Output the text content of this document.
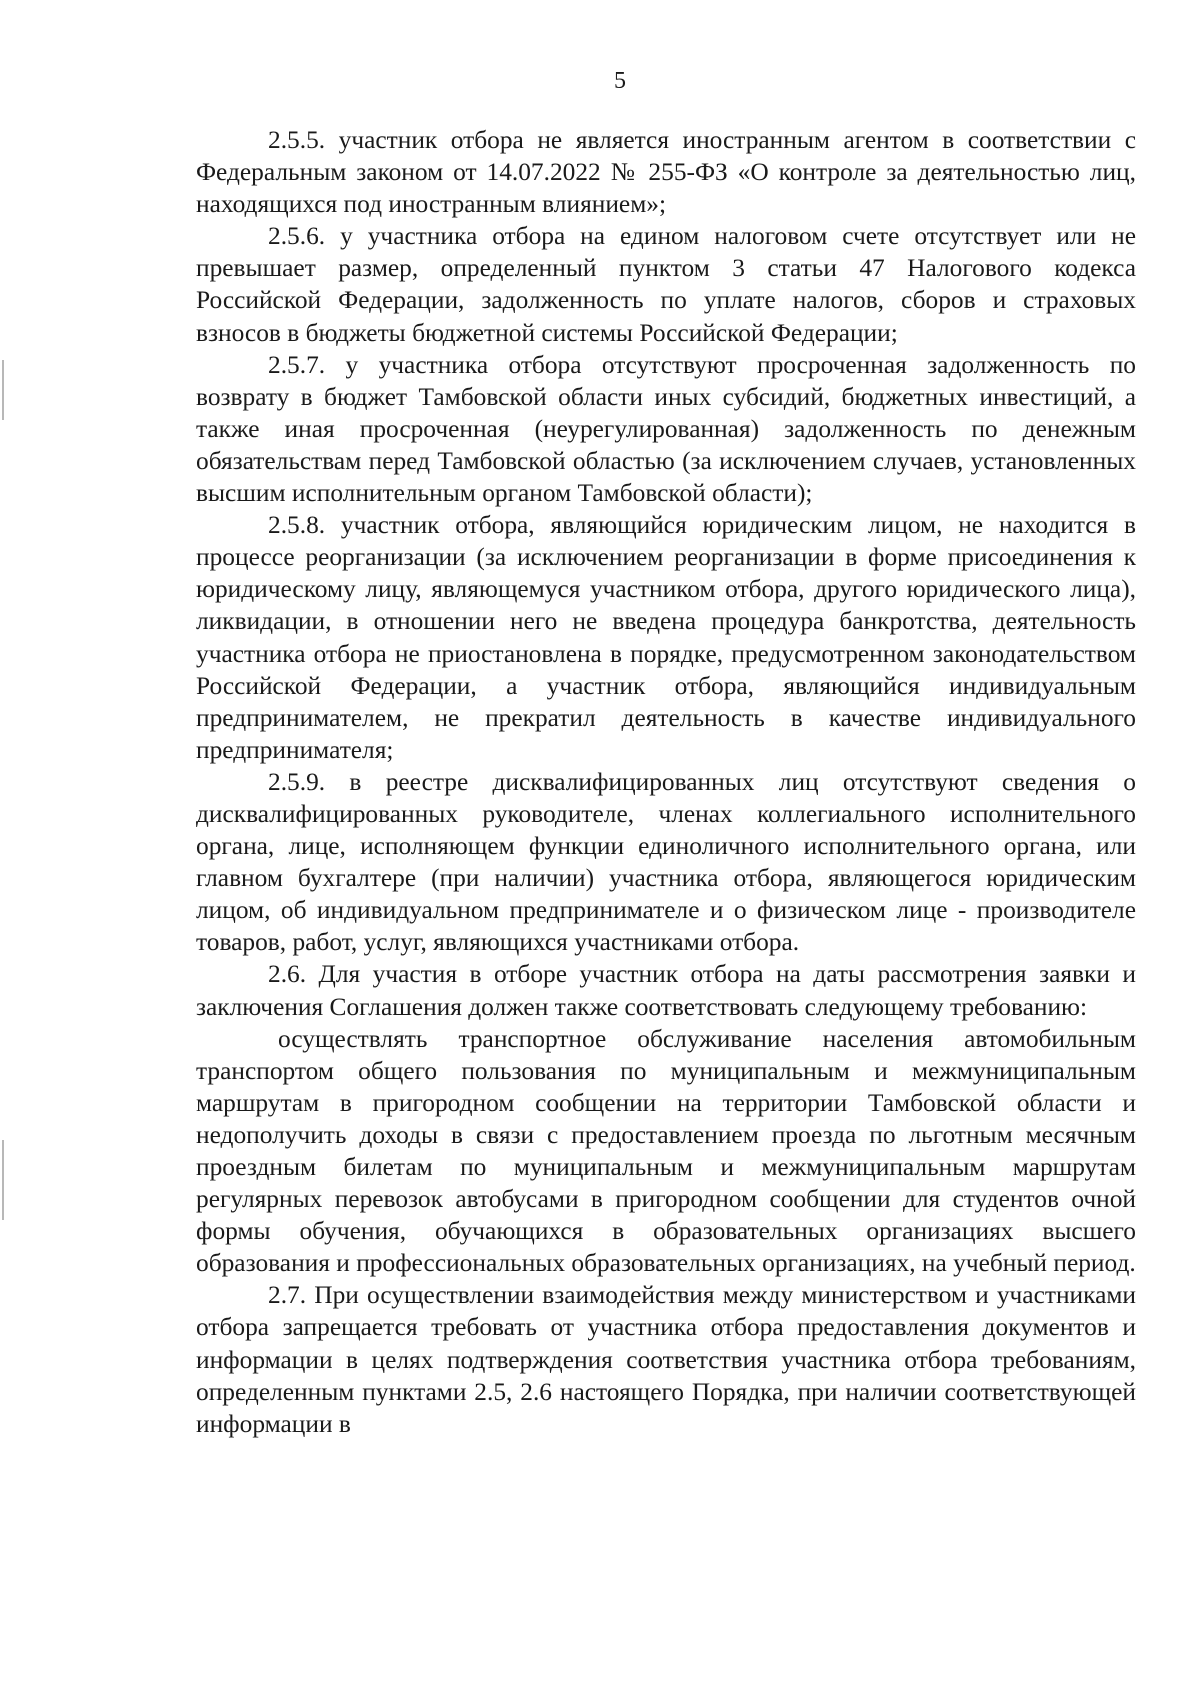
5

2.5.5. участник отбора не является иностранным агентом в соответствии с Федеральным законом от 14.07.2022 № 255-ФЗ «О контроле за деятельностью лиц, находящихся под иностранным влиянием»;

2.5.6. у участника отбора на едином налоговом счете отсутствует или не превышает размер, определенный пунктом 3 статьи 47 Налогового кодекса Российской Федерации, задолженность по уплате налогов, сборов и страховых взносов в бюджеты бюджетной системы Российской Федерации;

2.5.7. у участника отбора отсутствуют просроченная задолженность по возврату в бюджет Тамбовской области иных субсидий, бюджетных инвестиций, а также иная просроченная (неурегулированная) задолженность по денежным обязательствам перед Тамбовской областью (за исключением случаев, установленных высшим исполнительным органом Тамбовской области);

2.5.8. участник отбора, являющийся юридическим лицом, не находится в процессе реорганизации (за исключением реорганизации в форме присоединения к юридическому лицу, являющемуся участником отбора, другого юридического лица), ликвидации, в отношении него не введена процедура банкротства, деятельность участника отбора не приостановлена в порядке, предусмотренном законодательством Российской Федерации, а участник отбора, являющийся индивидуальным предпринимателем, не прекратил деятельность в качестве индивидуального предпринимателя;

2.5.9. в реестре дисквалифицированных лиц отсутствуют сведения о дисквалифицированных руководителе, членах коллегиального исполнительного органа, лице, исполняющем функции единоличного исполнительного органа, или главном бухгалтере (при наличии) участника отбора, являющегося юридическим лицом, об индивидуальном предпринимателе и о физическом лице - производителе товаров, работ, услуг, являющихся участниками отбора.

2.6. Для участия в отборе участник отбора на даты рассмотрения заявки и заключения Соглашения должен также соответствовать следующему требованию:

осуществлять транспортное обслуживание населения автомобильным транспортом общего пользования по муниципальным и межмуниципальным маршрутам в пригородном сообщении на территории Тамбовской области и недополучить доходы в связи с предоставлением проезда по льготным месячным проездным билетам по муниципальным и межмуниципальным маршрутам регулярных перевозок автобусами в пригородном сообщении для студентов очной формы обучения, обучающихся в образовательных организациях высшего образования и профессиональных образовательных организациях, на учебный период.

2.7. При осуществлении взаимодействия между министерством и участниками отбора запрещается требовать от участника отбора предоставления документов и информации в целях подтверждения соответствия участника отбора требованиям, определенным пунктами 2.5, 2.6 настоящего Порядка, при наличии соответствующей информации в
